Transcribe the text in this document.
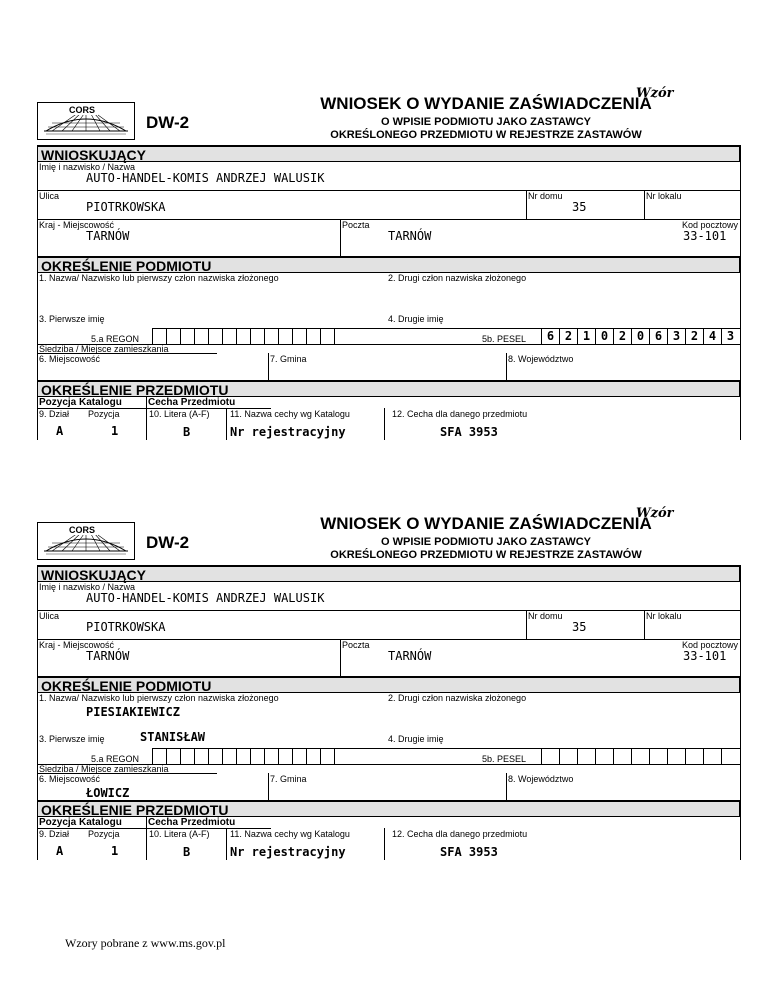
Wzór
CORS
DW-2
WNIOSEK O WYDANIE ZAŚWIADCZENIA
O WPISIE PODMIOTU JAKO ZASTAWCY
OKREŚLONEGO PRZEDMIOTU W REJESTRZE ZASTAWÓW
WNIOSKUJĄCY
Imię i nazwisko / Nazwa
AUTO-HANDEL-KOMIS ANDRZEJ WALUSIK
Ulica
PIOTRKOWSKA
Nr domu
35
Nr lokalu
Kraj - Miejscowość
TARNÓW
Poczta
TARNÓW
Kod pocztowy
33-101
OKREŚLENIE PODMIOTU
1. Nazwa/ Nazwisko lub pierwszy człon nazwiska złożonego	2. Drugi człon nazwiska złożonego
3. Pierwsze imię	4. Drugie imię
5.a REGON	5b. PESEL	6 2 1 0 2 0 6 3 2 4 3
Siedziba / Miejsce zamieszkania
6. Miejscowość	7. Gmina	8. Województwo
OKREŚLENIE PRZEDMIOTU
Pozycja Katalogu	Cecha Przedmiotu
9. Dział Pozycja	10. Litera (A-F) 11. Nazwa cechy wg Katalogu	12. Cecha dla danego przedmiotu
A	1	B	Nr rejestracyjny	SFA 3953
Wzór
CORS
DW-2
WNIOSEK O WYDANIE ZAŚWIADCZENIA
O WPISIE PODMIOTU JAKO ZASTAWCY
OKREŚLONEGO PRZEDMIOTU W REJESTRZE ZASTAWÓW
WNIOSKUJĄCY
Imię i nazwisko / Nazwa
AUTO-HANDEL-KOMIS ANDRZEJ WALUSIK
Ulica
PIOTRKOWSKA
Nr domu
35
Nr lokalu
Kraj - Miejscowość
TARNÓW
Poczta
TARNÓW
Kod pocztowy
33-101
OKREŚLENIE PODMIOTU
1. Nazwa/ Nazwisko lub pierwszy człon nazwiska złożonego
PIESIAKIEWICZ
2. Drugi człon nazwiska złożonego
3. Pierwsze imię	STANISŁAW	4. Drugie imię
5.a REGON	5b. PESEL
Siedziba / Miejsce zamieszkania
6. Miejscowość
ŁOWICZ
7. Gmina	8. Województwo
OKREŚLENIE PRZEDMIOTU
Pozycja Katalogu	Cecha Przedmiotu
9. Dział Pozycja	10. Litera (A-F) 11. Nazwa cechy wg Katalogu	12. Cecha dla danego przedmiotu
A	1	B	Nr rejestracyjny	SFA 3953
Wzory pobrane z www.ms.gov.pl
